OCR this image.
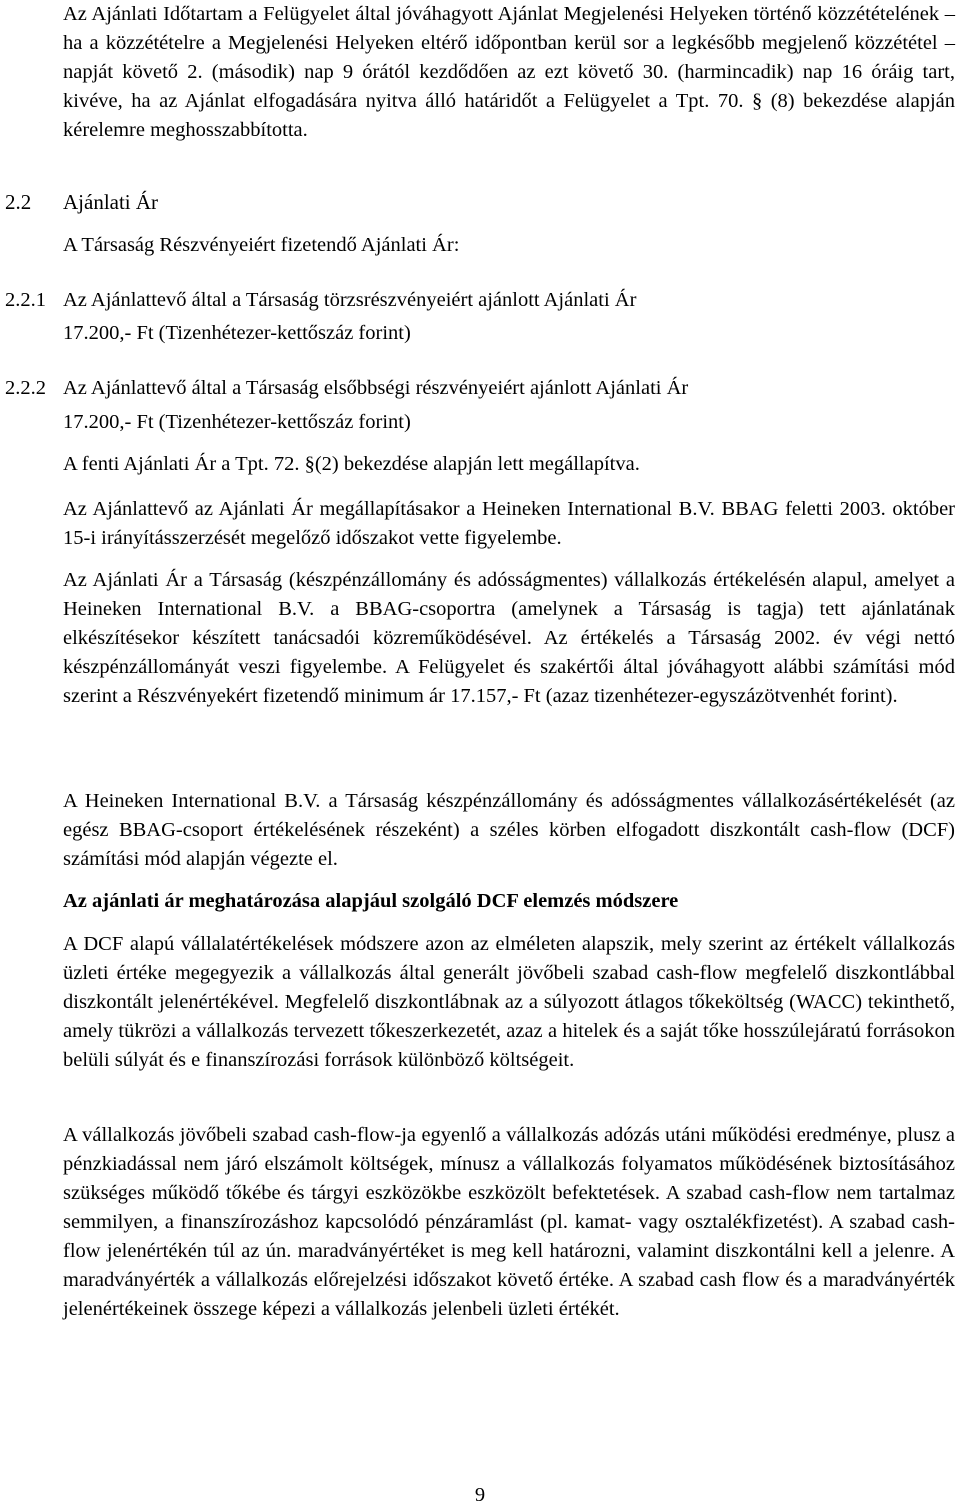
Az Ajánlati Időtartam a Felügyelet által jóváhagyott Ajánlat Megjelenési Helyeken történő közzétételének – ha a közzétételre a Megjelenési Helyeken eltérő időpontban kerül sor a legkésőbb megjelenő közzététel – napját követő 2. (második) nap 9 órától kezdődően az ezt követő 30. (harmincadik) nap 16 óráig tart, kivéve, ha az Ajánlat elfogadására nyitva álló határidőt a Felügyelet a Tpt. 70. § (8) bekezdése alapján kérelemre meghosszabbította.

2.2 Ajánlati Ár

A Társaság Részvényeiért fizetendő Ajánlati Ár:

2.2.1 Az Ajánlattevő által a Társaság törzsrészvényeiért ajánlott Ajánlati Ár

17.200,- Ft (Tizenhétezer-kettőszáz forint)

2.2.2 Az Ajánlattevő által a Társaság elsőbbségi részvényeiért ajánlott Ajánlati Ár

17.200,- Ft (Tizenhétezer-kettőszáz forint)

A fenti Ajánlati Ár a Tpt. 72. §(2) bekezdése alapján lett megállapítva.

Az Ajánlattevő az Ajánlati Ár megállapításakor a Heineken International B.V. BBAG feletti 2003. október 15-i irányításszerzését megelőző időszakot vette figyelembe.

Az Ajánlati Ár a Társaság (készpénzállomány és adósságmentes) vállalkozás értékelésén alapul, amelyet a Heineken International B.V. a BBAG-csoportra (amelynek a Társaság is tagja) tett ajánlatának elkészítésekor készített tanácsadói közreműködésével. Az értékelés a Társaság 2002. év végi nettó készpénzállományát veszi figyelembe. A Felügyelet és szakértői által jóváhagyott alábbi számítási mód szerint a Részvényekért fizetendő minimum ár 17.157,- Ft (azaz tizenhétezer-egyszázötvenhét forint).

A Heineken International B.V. a Társaság készpénzállomány és adósságmentes vállalkozásértékelését (az egész BBAG-csoport értékelésének részeként) a széles körben elfogadott diszkontált cash-flow (DCF) számítási mód alapján végezte el.

Az ajánlati ár meghatározása alapjául szolgáló DCF elemzés módszere

A DCF alapú vállalatértékelések módszere azon az elméleten alapszik, mely szerint az értékelt vállalkozás üzleti értéke megegyezik a vállalkozás által generált jövőbeli szabad cash-flow megfelelő diszkontlábbal diszkontált jelenértékével. Megfelelő diszkontlábnak az a súlyozott átlagos tőkeköltség (WACC) tekinthető, amely tükrözi a vállalkozás tervezett tőkeszerkezetét, azaz a hitelek és a saját tőke hosszúlejáratú forrásokon belüli súlyát és e finanszírozási források különböző költségeit.

A vállalkozás jövőbeli szabad cash-flow-ja egyenlő a vállalkozás adózás utáni működési eredménye, plusz a pénzkiadással nem járó elszámolt költségek, mínusz a vállalkozás folyamatos működésének biztosításához szükséges működő tőkébe és tárgyi eszközökbe eszközölt befektetések. A szabad cash-flow nem tartalmaz semmilyen, a finanszírozáshoz kapcsolódó pénzáramlást (pl. kamat- vagy osztalékfizetést). A szabad cash-flow jelenértékén túl az ún. maradványértéket is meg kell határozni, valamint diszkontálni kell a jelenre. A maradványérték a vállalkozás előrejelzési időszakot követő értéke. A szabad cash flow és a maradványérték jelenértékeinek összege képezi a vállalkozás jelenbeli üzleti értékét.

9
